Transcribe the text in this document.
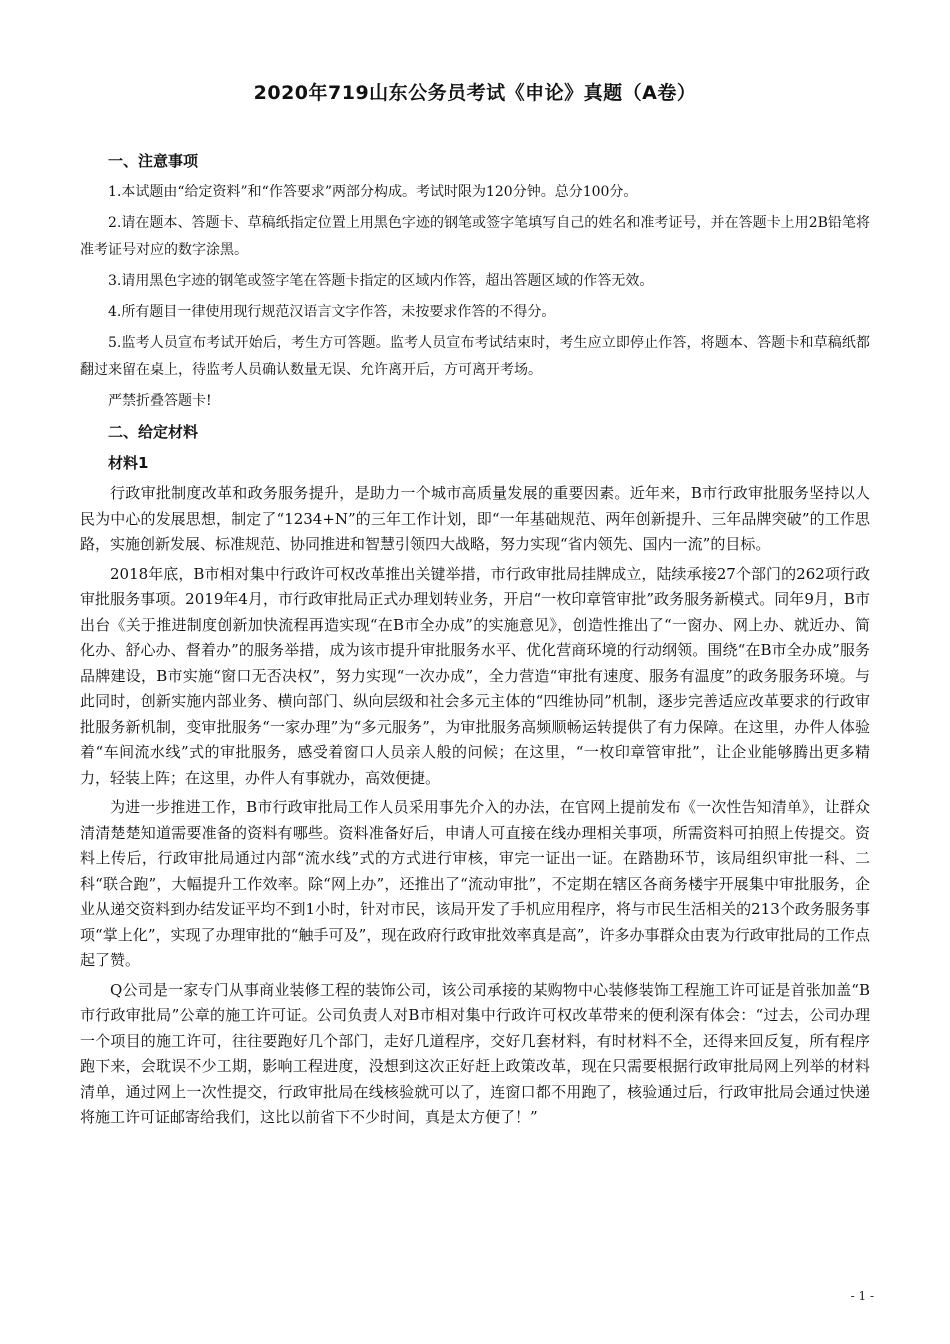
2020年719山东公务员考试《申论》真题（A卷）
一、注意事项

1.本试题由“给定资料”和“作答要求”两部分构成。考试时限为120分钟。总分100分。

2.请在题本、答题卡、草稿纸指定位置上用黑色字迹的钢笔或签字笔填写自己的姓名和准考证号，并在答题卡上用2B铅笔将准考证号对应的数字涂黑。

3.请用黑色字迹的钢笔或签字笔在答题卡指定的区域内作答，超出答题区域的作答无效。

4.所有题目一律使用现行规范汉语言文字作答，未按要求作答的不得分。

5.监考人员宣布考试开始后，考生方可答题。监考人员宣布考试结束时，考生应立即停止作答，将题本、答题卡和草稿纸都翻过来留在桌上，待监考人员确认数量无误、允许离开后，方可离开考场。

严禁折叠答题卡!

二、给定材料
材料1

行政审批制度改革和政务服务提升，是助力一个城市高质量发展的重要因素。近年来，B市行政审批服务坚持以人民为中心的发展思想，制定了“1234+N”的三年工作计划，即“一年基础规范、两年创新提升、三年品牌突破”的工作思路，实施创新发展、标准规范、协同推进和智慧引领四大战略，努力实现“省内领先、国内一流”的目标。

2018年底，B市相对集中行政许可权改革推出关键举措，市行政审批局挂牌成立，陆续承接27个部门的262项行政审批服务事项。2019年4月，市行政审批局正式办理划转业务，开启“一枚印章管审批”政务服务新模式。同年9月，B市出台《关于推进制度创新加快流程再造实现“在B市全办成”的实施意见》，创造性推出了“一窗办、网上办、就近办、简化办、舒心办、督着办”的服务举措，成为该市提升审批服务水平、优化营商环境的行动纲领。围绕“在B市全办成”服务品牌建设，B市实施“窗口无否决权”，努力实现“一次办成”，全力营造“审批有速度、服务有温度”的政务服务环境。与此同时，创新实施内部业务、横向部门、纵向层级和社会多元主体的“四维协同”机制，逐步完善适应改革要求的行政审批服务新机制，变审批服务“一家办理”为“多元服务”，为审批服务高频顺畅运转提供了有力保障。在这里，办件人体验着“车间流水线”式的审批服务，感受着窗口人员亲人般的问候；在这里，“一枚印章管审批”，让企业能够腾出更多精力，轻装上阵；在这里，办件人有事就办，高效便捷。

为进一步推进工作，B市行政审批局工作人员采用事先介入的办法，在官网上提前发布《一次性告知清单》，让群众清清楚楚知道需要准备的资料有哪些。资料准备好后，申请人可直接在线办理相关事项，所需资料可拍照上传提交。资料上传后，行政审批局通过内部“流水线”式的方式进行审核，审完一证出一证。在踏勘环节，该局组织审批一科、二科“联合跑”，大幅提升工作效率。除“网上办”，还推出了“流动审批”，不定期在辖区各商务楼宇开展集中审批服务，企业从递交资料到办结发证平均不到1小时，针对市民，该局开发了手机应用程序，将与市民生活相关的213个政务服务事项“掌上化”，实现了办理审批的“触手可及”，现在政府行政审批效率真是高”，许多办事群众由衷为行政审批局的工作点起了赞。

Q公司是一家专门从事商业装修工程的装饰公司，该公司承接的某购物中心装修装饰工程施工许可证是首张加盖“B市行政审批局”公章的施工许可证。公司负责人对B市相对集中行政许可权改革带来的便利深有体会：“过去，公司办理一个项目的施工许可，往往要跑好几个部门，走好几道程序，交好几套材料，有时材料不全，还得来回反复，所有程序跑下来，会耽误不少工期，影响工程进度，没想到这次正好赶上政策改革，现在只需要根据行政审批局网上列举的材料清单，通过网上一次性提交，行政审批局在线核验就可以了，连窗口都不用跑了，核验通过后，行政审批局会通过快递将施工许可证邮寄给我们，这比以前省下不少时间，真是太方便了！”

- 1 -
